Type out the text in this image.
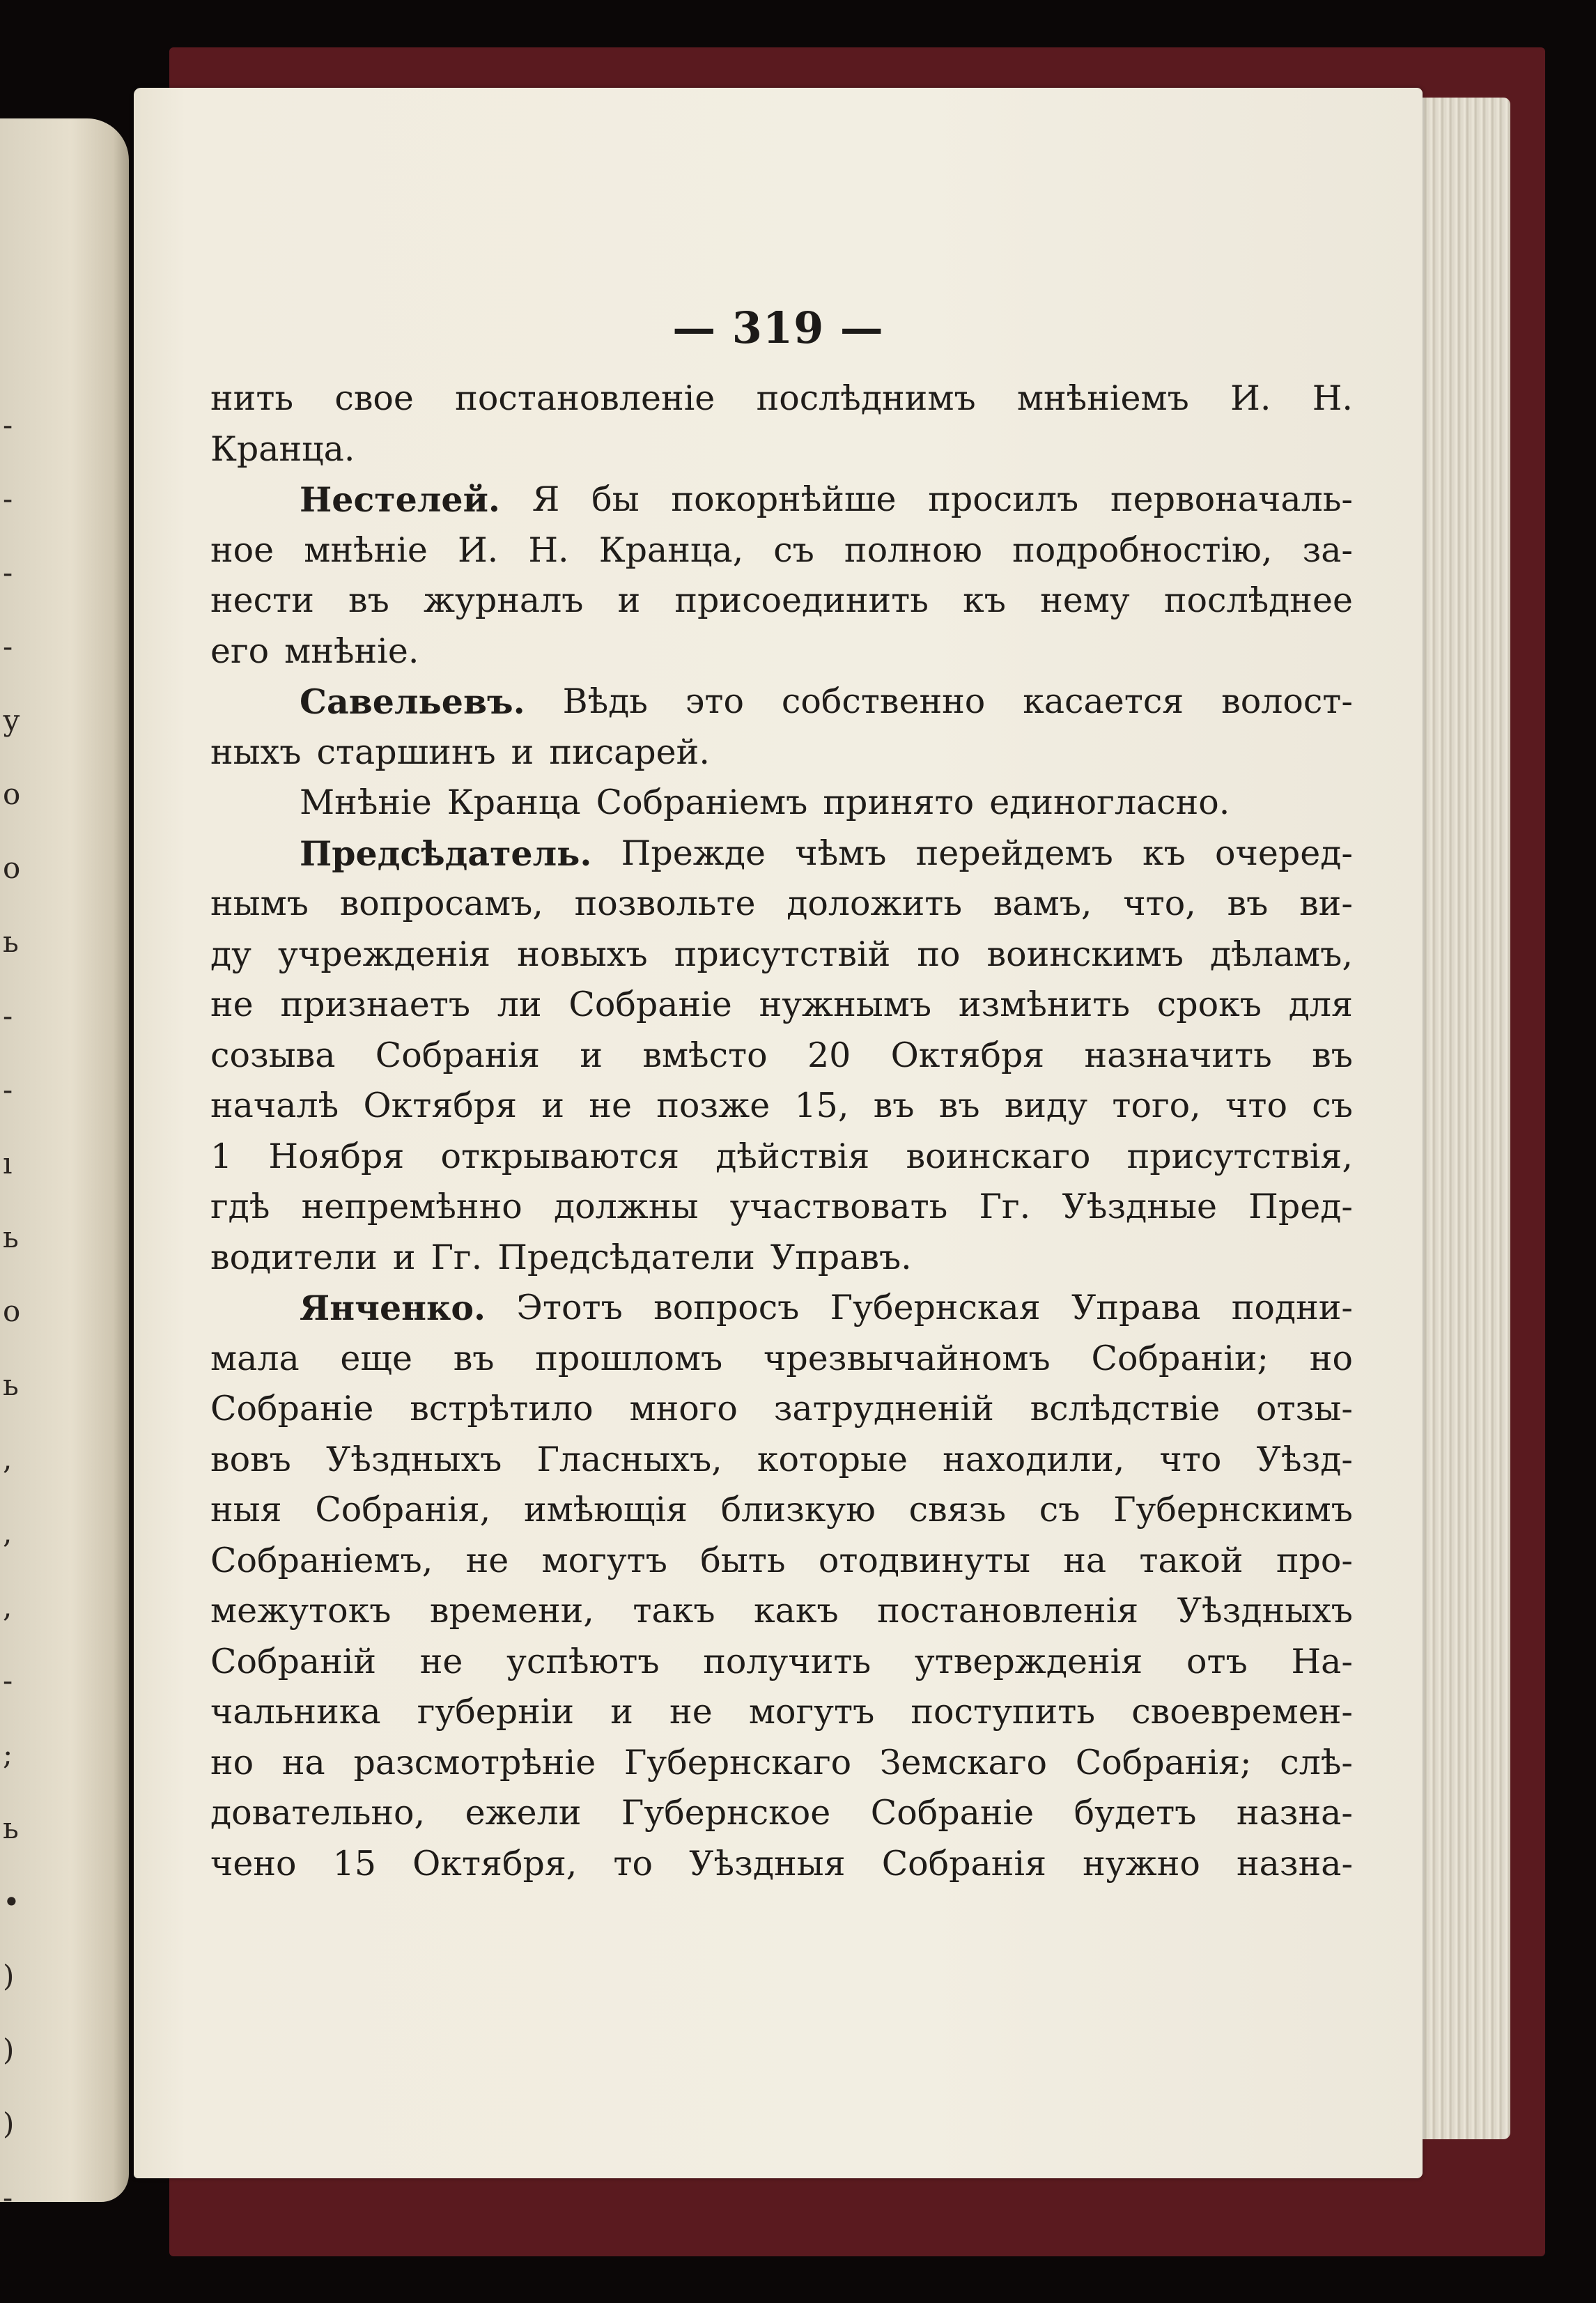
-
-
-
-
у
о
о
ь
-
-
ı
ь
о
ь
,
,
,
-
;
ь
•
)
)
)
-
— 319 —
нить свое постановленіе послѣднимъ мнѣніемъ И. Н.
Кранца.
Нестелей. Я бы покорнѣйше просилъ первоначаль-
ное мнѣніе И. Н. Кранца, съ полною подробностію, за-
нести въ журналъ и присоединить къ нему послѣднее
его мнѣніе.
Савельевъ. Вѣдь это собственно касается волост-
ныхъ старшинъ и писарей.
Мнѣніе Кранца Собраніемъ принято единогласно.
Предсѣдатель. Прежде чѣмъ перейдемъ къ очеред-
нымъ вопросамъ, позвольте доложить вамъ, что, въ ви-
ду учрежденія новыхъ присутствій по воинскимъ дѣламъ,
не признаетъ ли Собраніе нужнымъ измѣнить срокъ для
созыва Собранія и вмѣсто 20 Октября назначить въ
началѣ Октября и не позже 15, въ въ виду того, что съ
1 Ноября открываются дѣйствія воинскаго присутствія,
гдѣ непремѣнно должны участвовать Гг. Уѣздные Пред-
водители и Гг. Предсѣдатели Управъ.
Янченко. Этотъ вопросъ Губернская Управа подни-
мала еще въ прошломъ чрезвычайномъ Собраніи; но
Собраніе встрѣтило много затрудненій вслѣдствіе отзы-
вовъ Уѣздныхъ Гласныхъ, которые находили, что Уѣзд-
ныя Собранія, имѣющія близкую связь съ Губернскимъ
Собраніемъ, не могутъ быть отодвинуты на такой про-
межутокъ времени, такъ какъ постановленія Уѣздныхъ
Собраній не успѣютъ получить утвержденія отъ На-
чальника губерніи и не могутъ поступить своевремен-
но на разсмотрѣніе Губернскаго Земскаго Собранія; слѣ-
довательно, ежели Губернское Собраніе будетъ назна-
чено 15 Октября, то Уѣздныя Собранія нужно назна-
